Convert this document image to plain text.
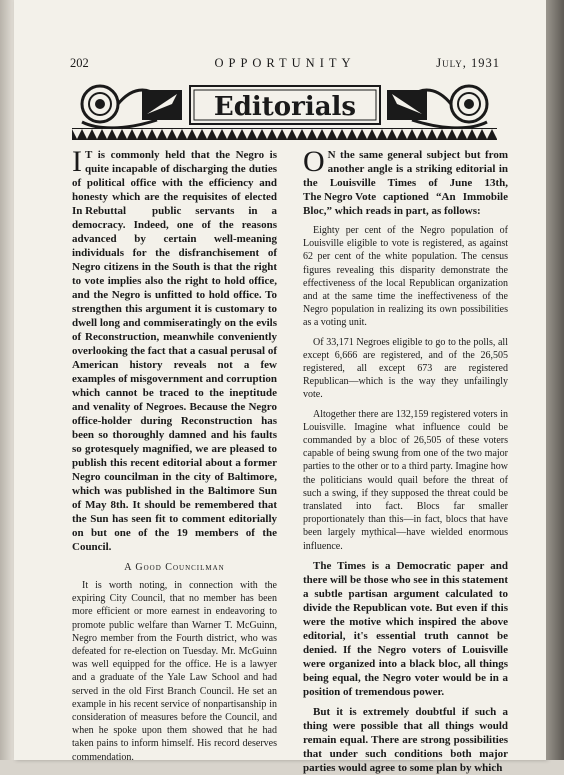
202	OPPORTUNITY	July, 1931
Editorials

I T is commonly held that the Negro is quite incapable of discharging the duties of political office with the efficiency and honesty which are the requisites
In Rebuttal
of elected public servants in a democracy. Indeed, one of the reasons advanced by certain well-meaning individuals for the disfranchisement of Negro citizens in the South is that the right to vote implies also the right to hold office, and the Negro is unfitted to hold office. To strengthen this argument it is customary to dwell long and commiseratingly on the evils of Reconstruction, meanwhile conveniently overlooking the fact that a casual perusal of American history reveals not a few examples of misgovernment and corruption which cannot be traced to the ineptitude and venality of Negroes. Because the Negro office-holder during Reconstruction has been so thoroughly damned and his faults so grotesquely magnified, we are pleased to publish this recent editorial about a former Negro councilman in the city of Baltimore, which was published in the Baltimore Sun of May 8th. It should be remembered that the Sun has seen fit to comment editorially on but one of the 19 members of the Council.

A Good Councilman

It is worth noting, in connection with the expiring City Council, that no member has been more efficient or more earnest in endeavoring to promote public welfare than Warner T. McGuinn, Negro member from the Fourth district, who was defeated for re-election on Tuesday. Mr. McGuinn was well equipped for the office. He is a lawyer and a graduate of the Yale Law School and had served in the old First Branch Council. He set an example in his recent service of nonpartisanship in consideration of measures before the Council, and when he spoke upon them showed that he had taken pains to inform himself. His record deserves commendation.

O N the same general subject but from another angle is a striking editorial in the Louisville Times of June 13th, captioned “An Immobile
The Negro Vote
Bloc,” which reads in part, as follows:

Eighty per cent of the Negro population of Louisville eligible to vote is registered, as against 62 per cent of the white population. The census figures revealing this disparity demonstrate the effectiveness of the local Republican organization and at the same time the ineffectiveness of the Negro population in realizing its own possibilities as a voting unit.

Of 33,171 Negroes eligible to go to the polls, all except 6,666 are registered, and of the 26,505 registered, all except 673 are registered Republican—which is the way they unfailingly vote.

Altogether there are 132,159 registered voters in Louisville. Imagine what influence could be commanded by a bloc of 26,505 of these voters capable of being swung from one of the two major parties to the other or to a third party. Imagine how the politicians would quail before the threat of such a swing, if they supposed the threat could be translated into fact. Blocs far smaller proportionately than this—in fact, blocs that have been largely mythical—have wielded enormous influence.

The Times is a Democratic paper and there will be those who see in this statement a subtle partisan argument calculated to divide the Republican vote. But even if this were the motive which inspired the above editorial, it's essential truth cannot be denied. If the Negro voters of Louisville were organized into a black bloc, all things being equal, the Negro voter would be in a position of tremendous power.

But it is extremely doubtful if such a thing were possible that all things would remain equal. There are strong possibilities that under such conditions both major parties would agree to some plan by which
